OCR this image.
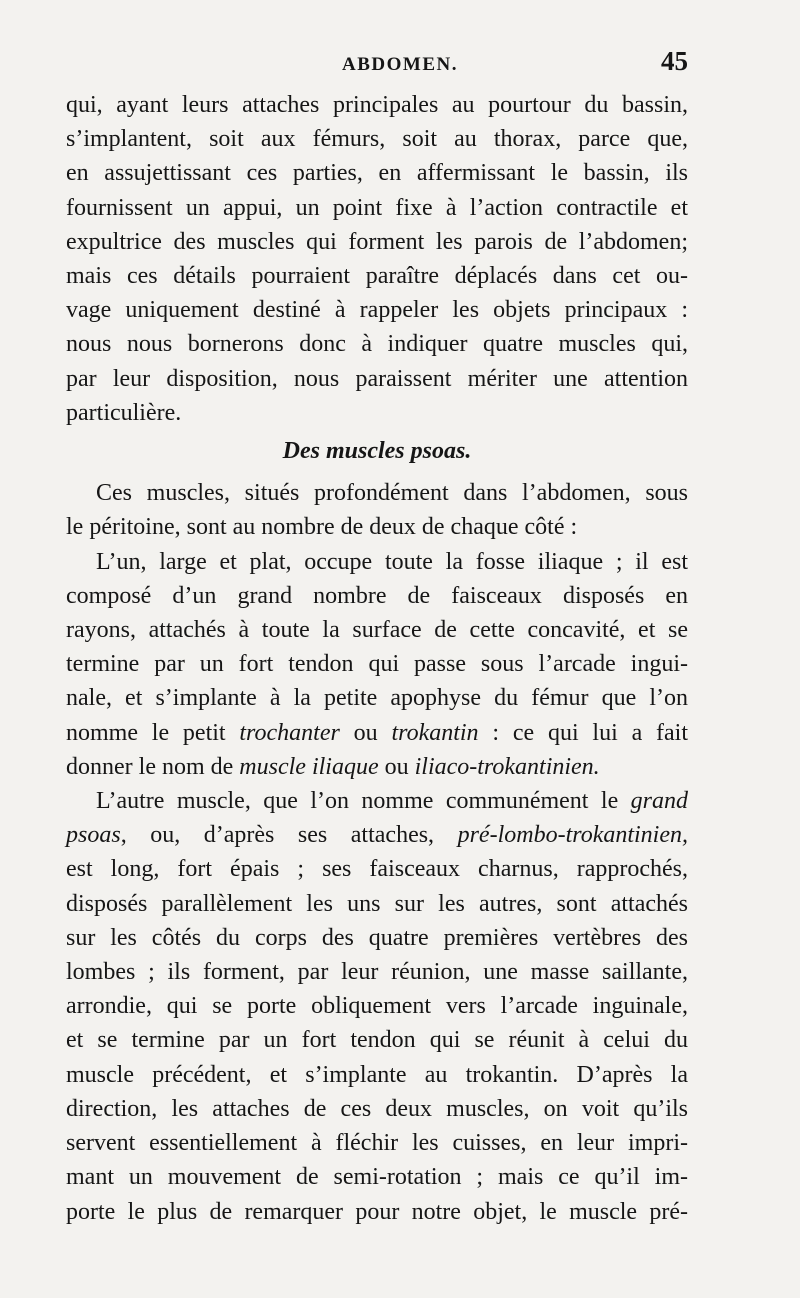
ABDOMEN.	45

qui, ayant leurs attaches principales au pourtour du bassin,
s’implantent, soit aux fémurs, soit au thorax, parce que,
en assujettissant ces parties, en affermissant le bassin, ils
fournissent un appui, un point fixe à l’action contractile et
expultrice des muscles qui forment les parois de l’abdomen;
mais ces détails pourraient paraître déplacés dans cet ou-
vage uniquement destiné à rappeler les objets principaux :
nous nous bornerons donc à indiquer quatre muscles qui,
par leur disposition, nous paraissent mériter une attention
particulière.

Des muscles psoas.

Ces muscles, situés profondément dans l’abdomen, sous
le péritoine, sont au nombre de deux de chaque côté :

L’un, large et plat, occupe toute la fosse iliaque ; il est
composé d’un grand nombre de faisceaux disposés en
rayons, attachés à toute la surface de cette concavité, et se
termine par un fort tendon qui passe sous l’arcade ingui-
nale, et s’implante à la petite apophyse du fémur que l’on
nomme le petit trochanter ou trokantin : ce qui lui a fait
donner le nom de muscle iliaque ou iliaco-trokantinien.

L’autre muscle, que l’on nomme communément le grand
psoas, ou, d’après ses attaches, pré-lombo-trokantinien,
est long, fort épais ; ses faisceaux charnus, rapprochés,
disposés parallèlement les uns sur les autres, sont attachés
sur les côtés du corps des quatre premières vertèbres des
lombes ; ils forment, par leur réunion, une masse saillante,
arrondie, qui se porte obliquement vers l’arcade inguinale,
et se termine par un fort tendon qui se réunit à celui du
muscle précédent, et s’implante au trokantin. D’après la
direction, les attaches de ces deux muscles, on voit qu’ils
servent essentiellement à fléchir les cuisses, en leur impri-
mant un mouvement de semi-rotation ; mais ce qu’il im-
porte le plus de remarquer pour notre objet, le muscle pré-
